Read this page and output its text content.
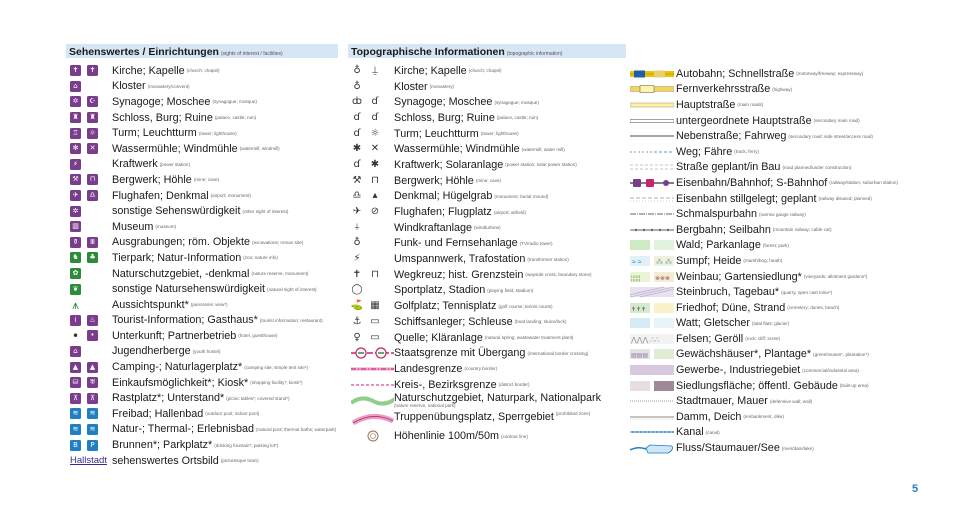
Sehenswertes / Einrichtungen (sights of interest / facilities)
✝	✝ Kirche; Kapelle (church; chapel)
⌂	Kloster (monastery/convent)
✡	☪ Synagoge; Moschee (synagogue; mosque)
♜	♜ Schloss, Burg; Ruine (palace, castle; ruin)
♖	☼ Turm; Leuchtturm (tower; lighthouse)
✻	✕ Wassermühle; Windmühle (watermill; windmill)
⚡	Kraftwerk (power station)
⚒	⊓ Bergwerk; Höhle (mine; cave)
✈	♎ Flughafen; Denkmal (airport; monument)
✲	sonstige Sehenswürdigkeit (other sight of interest)
▥	Museum (museum)
⚱	Ⅲ Ausgrabungen; röm. Objekte (excavations; roman site)
♞	♣ Tierpark; Natur-Information (zoo; nature info)
✿	Naturschutzgebiet, -denkmal (nature reserve, monument)
❦	sonstige Natursehenswürdigkeit (natural sight of interest)
⩚	Aussichtspunkt* (panoramic view*)
i	♨ Tourist-Information; Gasthaus* (tourist information; restaurant)
•	•	Unterkunft; Partnerbetrieb (hotel, guesthouse)
⌂	Jugendherberge (youth hostel)
▲	▲ Camping-; Naturlagerplatz* (camping site; simple tent site*)
⛁	♅ Einkaufsmöglichkeit*; Kiosk* (shopping facility*; kiosk*)
⊼	⊼ Rastplatz*; Unterstand* (picnic tables*; covered stand*)
≋	≋ Freibad; Hallenbad (outdoor pool; indoor pool)
≋	≋ Natur-; Thermal-; Erlebnisbad (natural pool; thermal baths; waterpark)
B	P	Brunnen*; Parkplatz* (drinking fountain*; parking lot*)
Hallstadt sehenswertes Ortsbild (picturesque town)
Topographische Informationen (topographic information)
♁	⍊ Kirche; Kapelle (church; chapel)
♁	Kloster (monastery)
ȸ ɗ Synagoge; Moschee (synagogue; mosque)
ɗ ɗ Schloss, Burg; Ruine (palace, castle; ruin)
ɗ ☼ Turm; Leuchtturm (tower; lighthouse)
✱ ✕ Wassermühle; Windmühle (watermill; water mill)
ɗ ✱ Kraftwerk; Solaranlage (power station; solar power station)
⚒ ⊓ Bergwerk; Höhle (mine; cave)
♎	▴	Denkmal; Hügelgrab (monument; burial mound)
✈ ⊘ Flughafen; Flugplatz (airport; airfield)
⍭	Windkraftanlage (windturbine)
♁	Funk- und Fernsehanlage (TV/radio tower)
⚡	Umspannwerk, Trafostation (transformer station)
✝ ⊓ Wegkreuz; hist. Grenzstein (wayside cross; boundary stone)
◯	Sportplatz, Stadion (playing field, stadium)
⛳ ▦ Golfplatz; Tennisplatz (golf course; tennis courts)
⚓ ▭ Schiffsanleger; Schleuse (boat landing; sluice/lock)
♀ ▭ Quelle; Kläranlage (natural spring; wastewater treatment plant)
Staatsgrenze mit Übergang (international border crossing)
Landesgrenze (country border)
Kreis-, Bezirksgrenze (district border)
Naturschutzgebiet, Naturpark, Nationalpark
(nature reserve, national park)
Truppenübungsplatz, Sperrgebiet (prohibited zone)
Höhenlinie 100m/50m (contour line)
Autobahn; Schnellstraße (motorway/freeway; expressway)
Fernverkehrsstraße (highway)
Hauptstraße (main roads)
untergeordnete Hauptstraße (secondary main road)
Nebenstraße; Fahrweg (secondary road; side street/access road)
Weg; Fähre (track; ferry)
Straße geplant/in Bau (road planned/under construction)
Eisenbahn/Bahnhof; S-Bahnhof (railway/station; suburban station)
Eisenbahn stillgelegt; geplant (railway disused; planned)
Schmalspurbahn (narrow gauge railway)
Bergbahn; Seilbahn (mountain railway; cable car)
Wald; Parkanlage (forest; park)
≈ ≈ ⁂ ⁂ Sumpf; Heide (marsh/bog; heath)
¦¦¦¦¦¦ ❀❀❀ Weinbau; Gartensiedlung* (vineyards; allotment gardens*)
Steinbruch, Tagebau* (quarry, open cast mine*)
✝✝✝	Friedhof; Düne, Strand (cemetery; dunes, beach)
Watt; Gletscher (tidal flats; glacier)
⋀⋀⋀ ∴∴ Felsen; Geröll (rock; cliff; scree)
▤▤▤	Gewächshäuser*, Plantage* (greenhouses*, plantation*)
Gewerbe-, Industriegebiet (commercial/industrial area)
Siedlungsfläche; öffentl. Gebäude (built-up area)
Stadtmauer, Mauer (defensive wall; wall)
Damm, Deich (embankment, dike)
Kanal (canal)
Fluss/Staumauer/See (river/dam/lake)
5
